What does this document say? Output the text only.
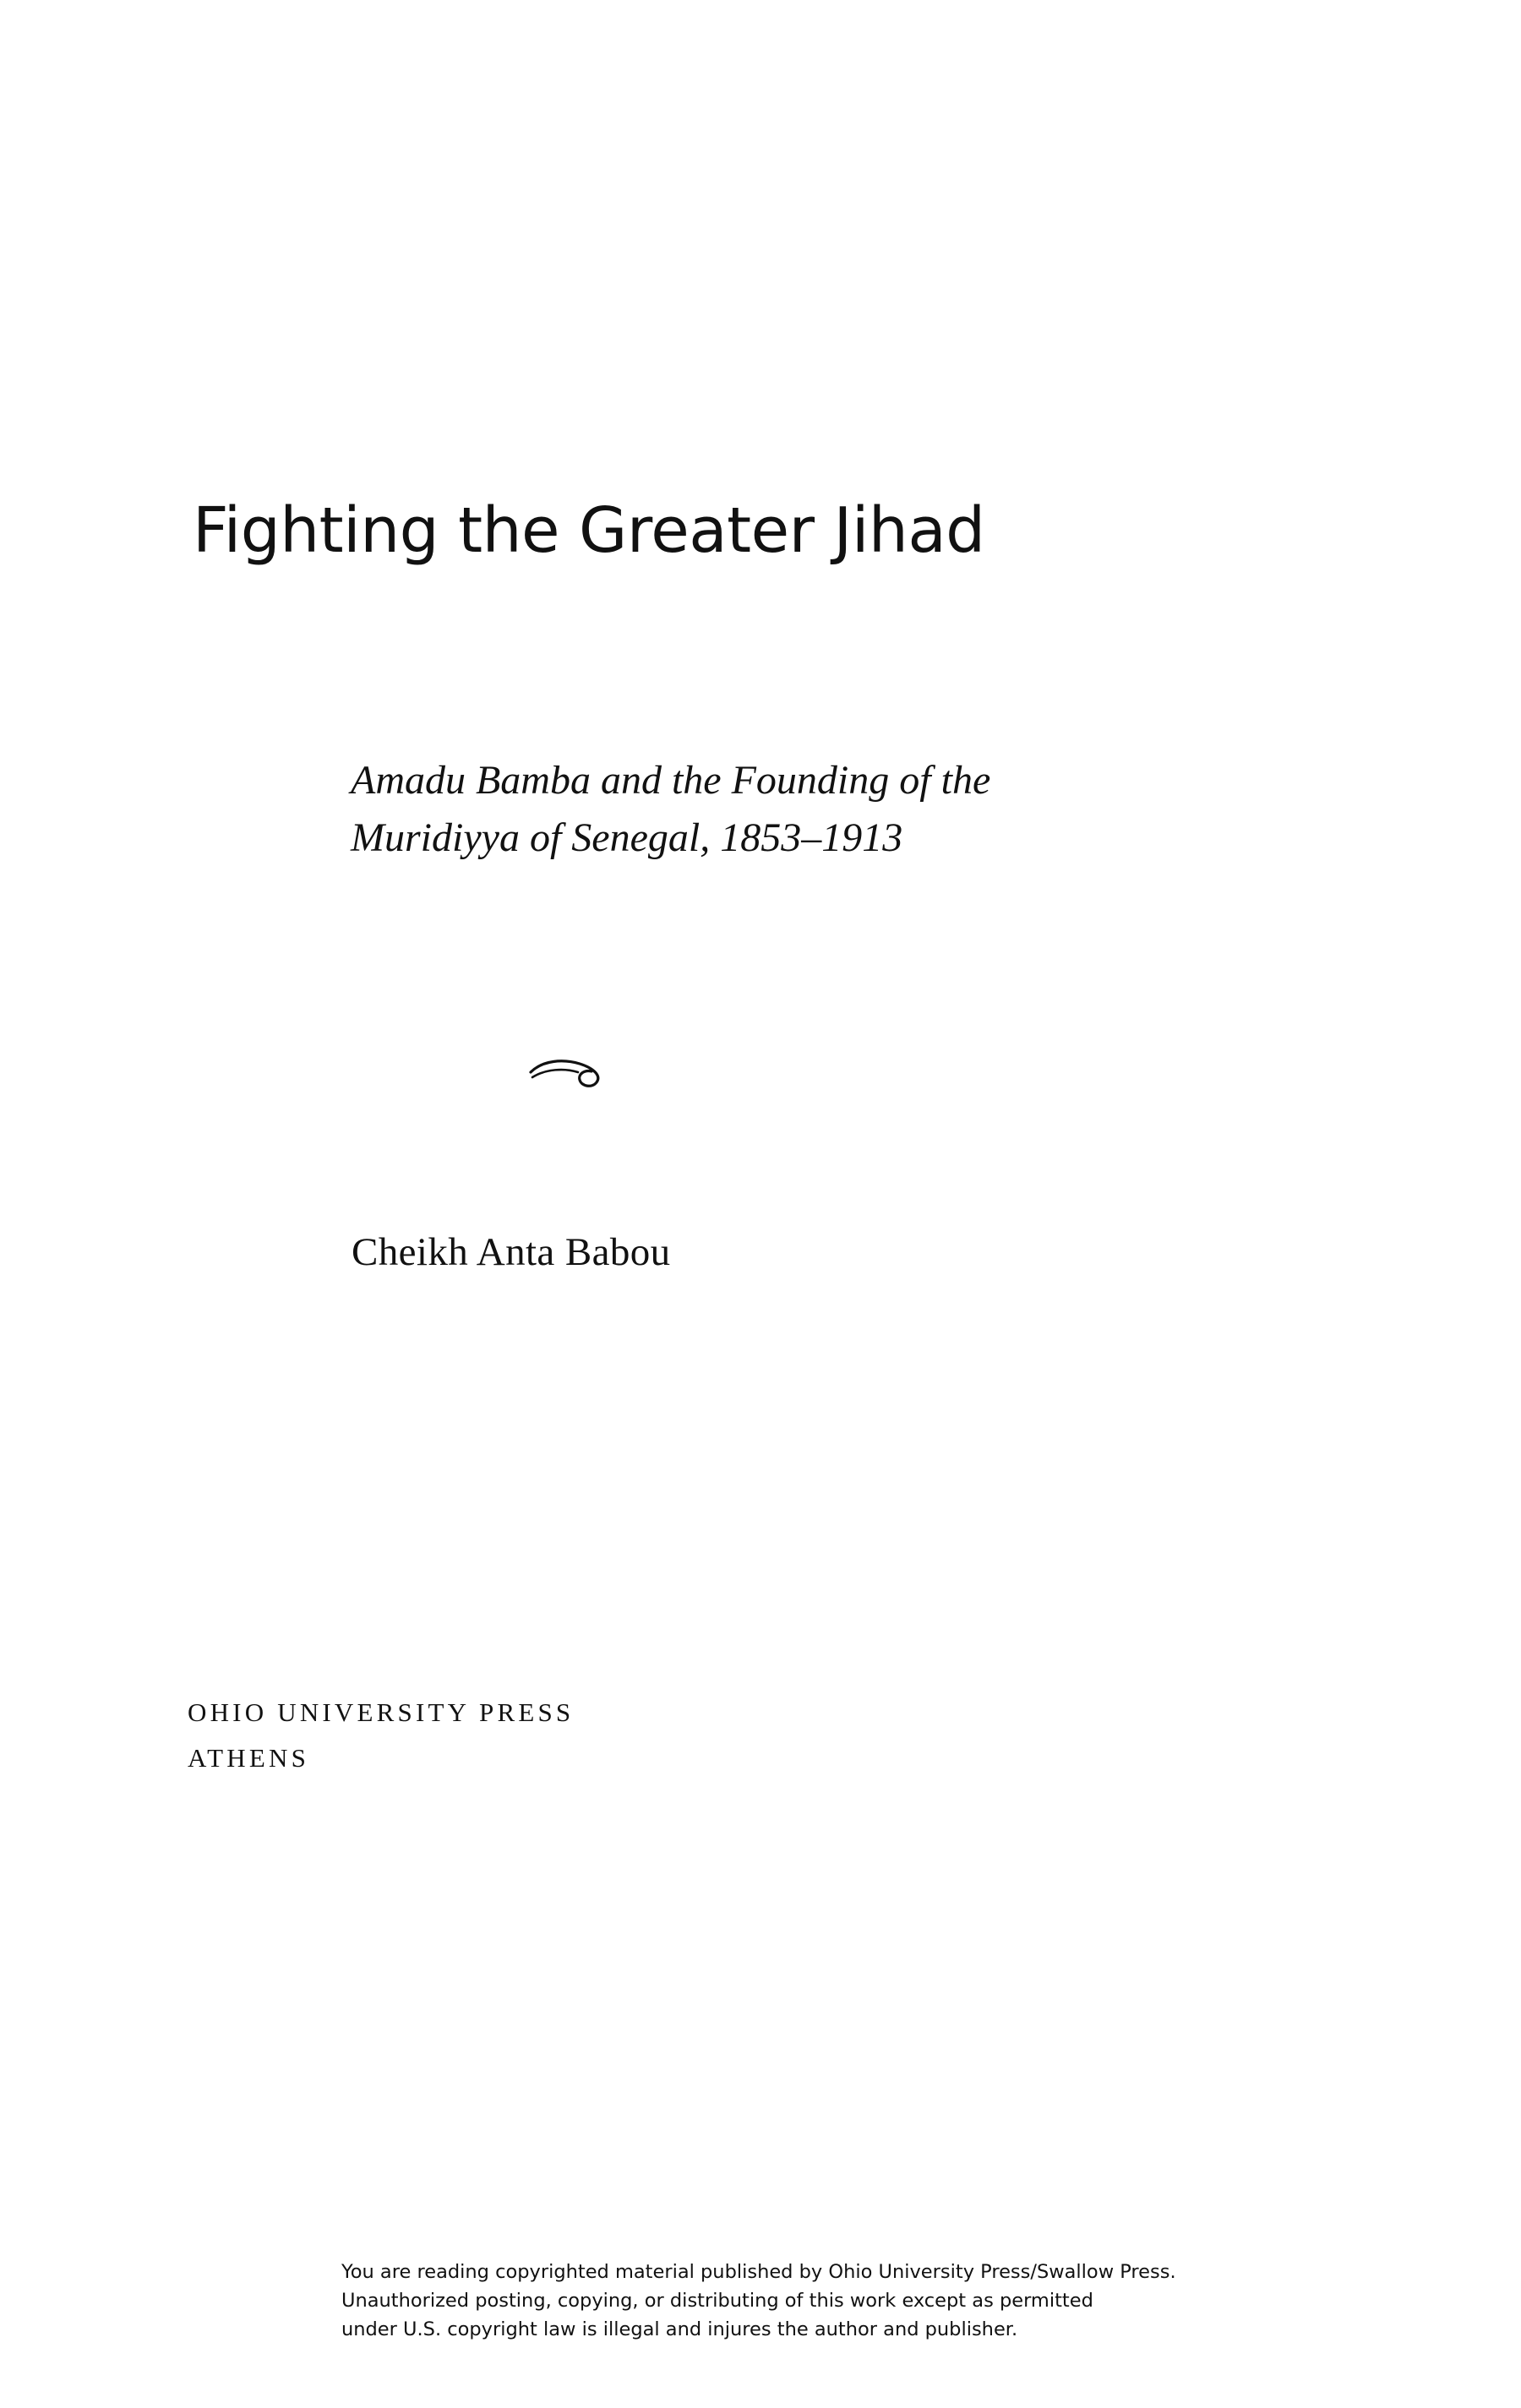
Fighting the Greater Jihad
Amadu Bamba and the Founding of the
Muridiyya of Senegal, 1853–1913
Cheikh Anta Babou
OHIO UNIVERSITY PRESS
ATHENS
You are reading copyrighted material published by Ohio University Press/Swallow Press.
Unauthorized posting, copying, or distributing of this work except as permitted
under U.S. copyright law is illegal and injures the author and publisher.
